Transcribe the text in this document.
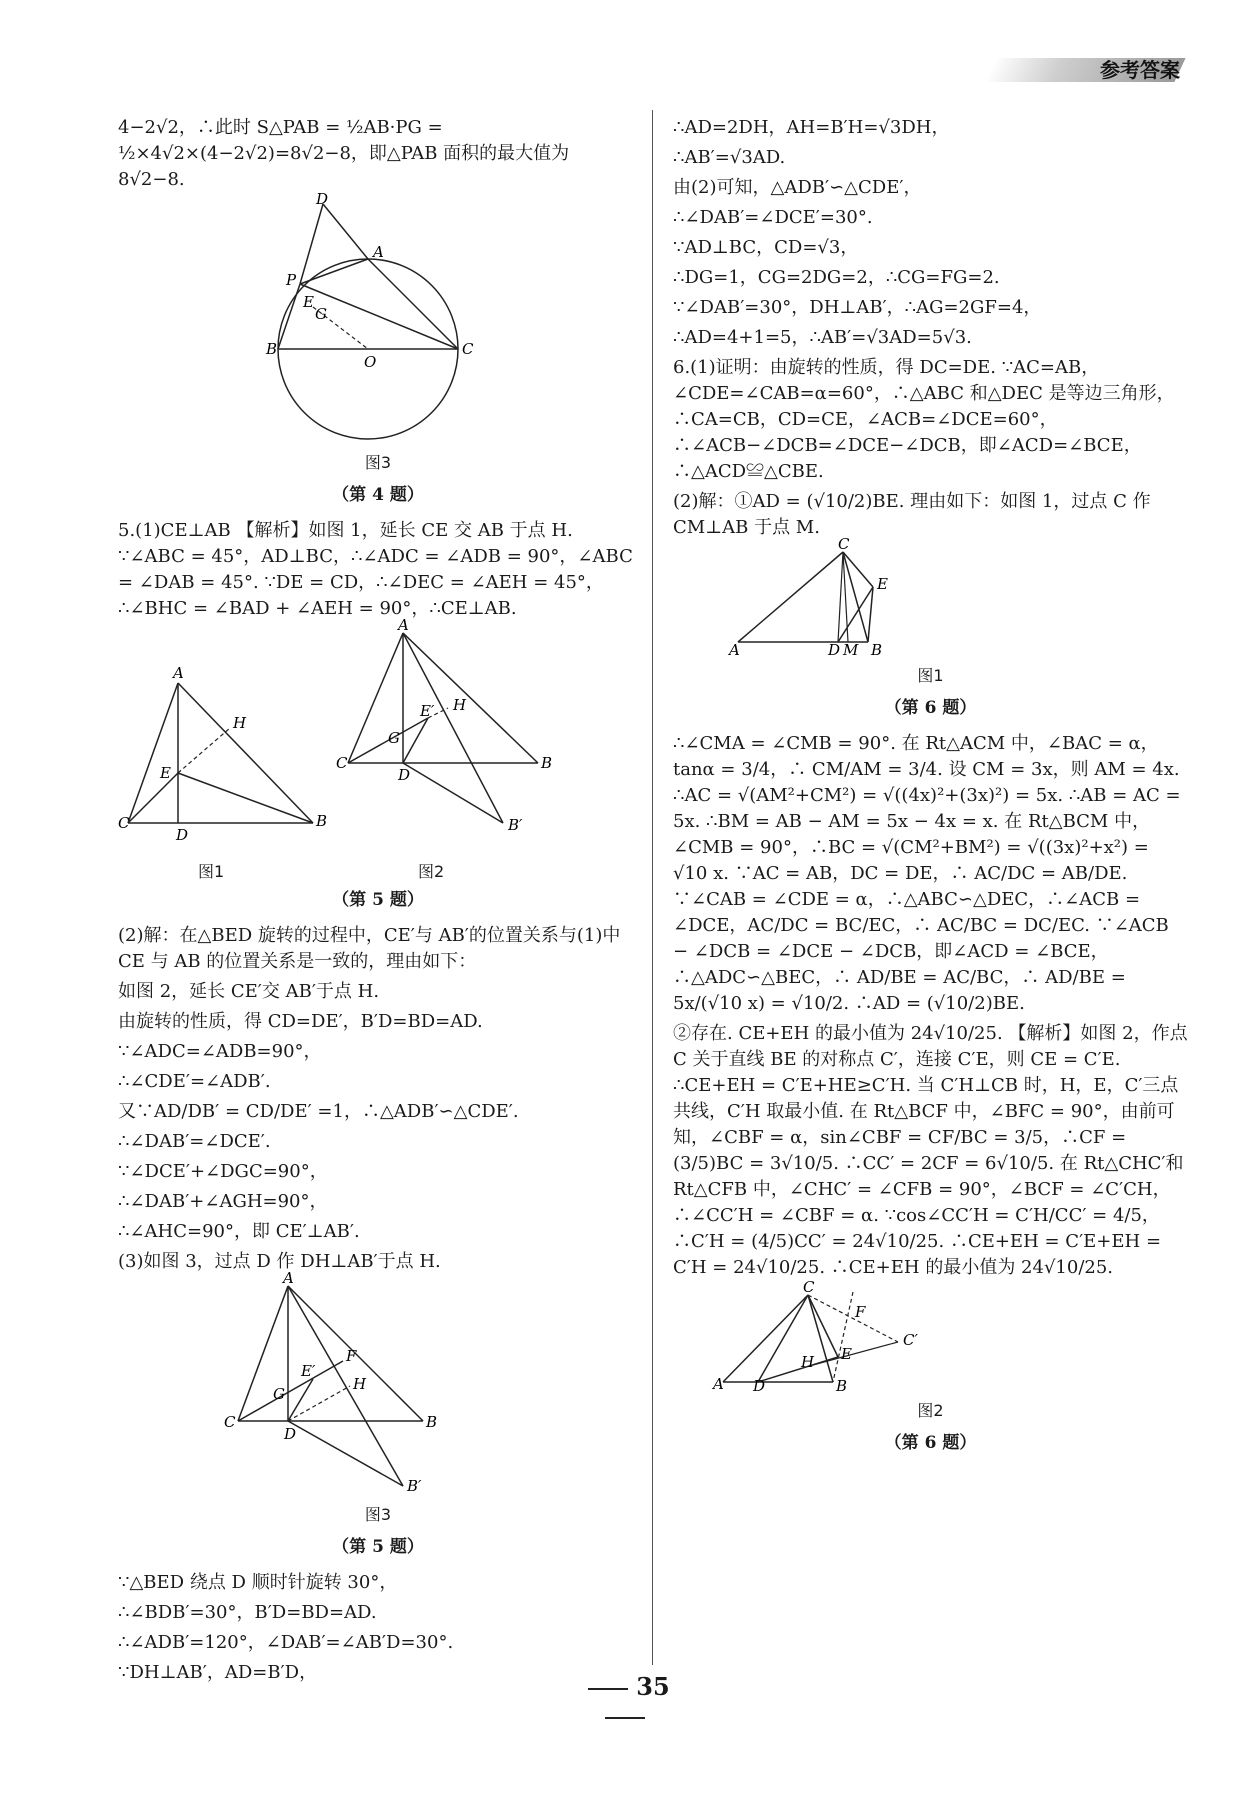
参考答案

4−2√2，∴此时 S△PAB = ½AB·PG = ½×4√2×(4−2√2)=8√2−8，即△PAB 面积的最大值为 8√2−8.

D
A
P
E
G
B
O
C
图3
（第 4 题）

5.(1)CE⊥AB 【解析】如图 1，延长 CE 交 AB 于点 H. ∵∠ABC = 45°，AD⊥BC，∴∠ADC = ∠ADB = 90°，∠ABC = ∠DAB = 45°. ∵DE = CD，∴∠DEC = ∠AEH = 45°，∴∠BHC = ∠BAD + ∠AEH = 90°，∴CE⊥AB.

A
H
E
C
D
B
A
E′ H
G
C
D
B
B′
图1	图2
（第 5 题）

(2)解：在△BED 旋转的过程中，CE′与 AB′的位置关系与(1)中 CE 与 AB 的位置关系是一致的，理由如下：

如图 2，延长 CE′交 AB′于点 H.

由旋转的性质，得 CD=DE′，B′D=BD=AD.

∵∠ADC=∠ADB=90°，

∴∠CDE′=∠ADB′.

又∵AD/DB′ = CD/DE′ =1，∴△ADB′∽△CDE′.

∴∠DAB′=∠DCE′.

∵∠DCE′+∠DGC=90°，

∴∠DAB′+∠AGH=90°，

∴∠AHC=90°，即 CE′⊥AB′.

(3)如图 3，过点 D 作 DH⊥AB′于点 H.

A
E′
F
H
G
C
D
B
B′
图3
（第 5 题）

∵△BED 绕点 D 顺时针旋转 30°，

∴∠BDB′=30°，B′D=BD=AD.

∴∠ADB′=120°，∠DAB′=∠AB′D=30°.

∵DH⊥AB′，AD=B′D，

∴AD=2DH，AH=B′H=√3DH，

∴AB′=√3AD.

由(2)可知，△ADB′∽△CDE′，

∴∠DAB′=∠DCE′=30°.

∵AD⊥BC，CD=√3，

∴DG=1，CG=2DG=2，∴CG=FG=2.

∵∠DAB′=30°，DH⊥AB′，∴AG=2GF=4，

∴AD=4+1=5，∴AB′=√3AD=5√3.

6.(1)证明：由旋转的性质，得 DC=DE. ∵AC=AB，∠CDE=∠CAB=α=60°，∴△ABC 和△DEC 是等边三角形，∴CA=CB，CD=CE，∠ACB=∠DCE=60°，∴∠ACB−∠DCB=∠DCE−∠DCB，即∠ACD=∠BCE，∴△ACD≌△CBE.

(2)解：①AD = (√10/2)BE. 理由如下：如图 1，过点 C 作 CM⊥AB 于点 M.

C
E
A	D M B
图1
（第 6 题）

∴∠CMA = ∠CMB = 90°. 在 Rt△ACM 中，∠BAC = α，tanα = 3/4，∴ CM/AM = 3/4. 设 CM = 3x，则 AM = 4x. ∴AC = √(AM²+CM²) = √((4x)²+(3x)²) = 5x. ∴AB = AC = 5x. ∴BM = AB − AM = 5x − 4x = x. 在 Rt△BCM 中，∠CMB = 90°，∴BC = √(CM²+BM²) = √((3x)²+x²) = √10 x. ∵AC = AB，DC = DE，∴ AC/DC = AB/DE. ∵∠CAB = ∠CDE = α，∴△ABC∽△DEC，∴∠ACB = ∠DCE，AC/DC = BC/EC，∴ AC/BC = DC/EC. ∵∠ACB − ∠DCB = ∠DCE − ∠DCB，即∠ACD = ∠BCE，∴△ADC∽△BEC，∴ AD/BE = AC/BC，∴ AD/BE = 5x/(√10 x) = √10/2. ∴AD = (√10/2)BE.

②存在. CE+EH 的最小值为 24√10/25. 【解析】如图 2，作点 C 关于直线 BE 的对称点 C′，连接 C′E，则 CE = C′E. ∴CE+EH = C′E+HE≥C′H. 当 C′H⊥CB 时，H，E，C′三点共线，C′H 取最小值. 在 Rt△BCF 中，∠BFC = 90°，由前可知，∠CBF = α，sin∠CBF = CF/BC = 3/5，∴CF = (3/5)BC = 3√10/5. ∴CC′ = 2CF = 6√10/5. 在 Rt△CHC′和 Rt△CFB 中，∠CHC′ = ∠CFB = 90°，∠BCF = ∠C′CH，∴∠CC′H = ∠CBF = α. ∵cos∠CC′H = C′H/CC′ = 4/5，∴C′H = (4/5)CC′ = 24√10/25. ∴CE+EH = C′E+EH = C′H = 24√10/25. ∴CE+EH 的最小值为 24√10/25.

C
F
C′
H E
A D	B
图2
（第 6 题）
35
